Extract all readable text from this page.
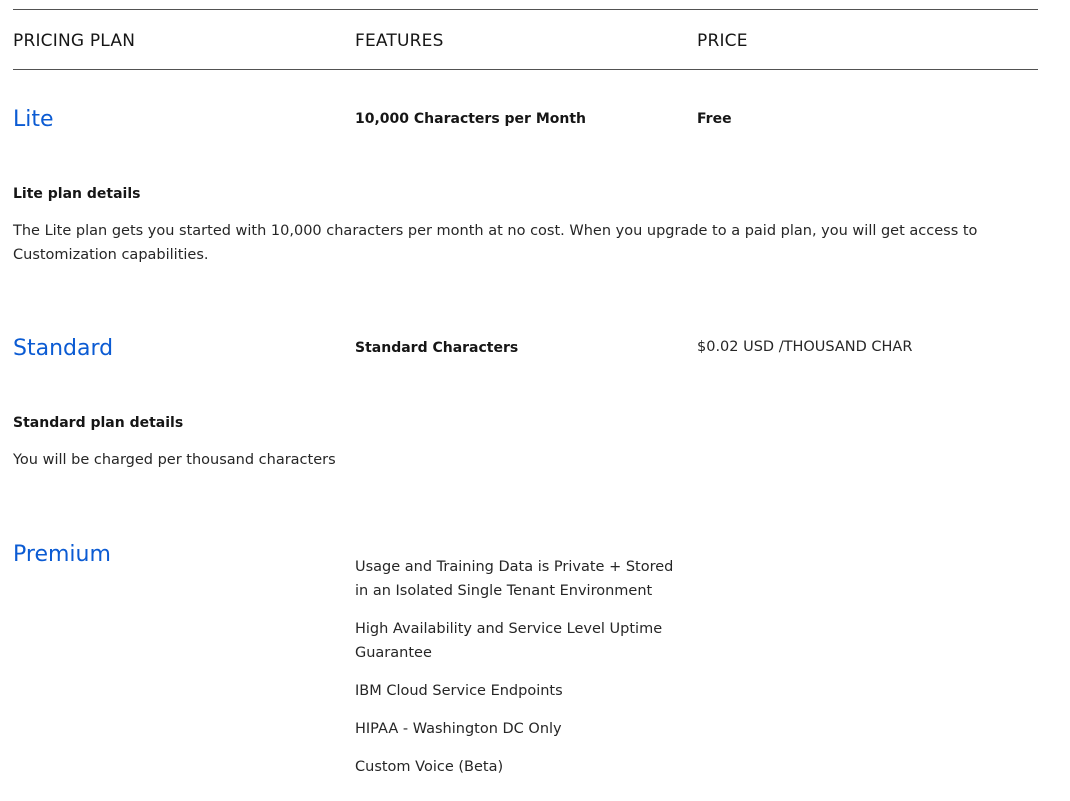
PRICING PLAN	FEATURES	PRICE
Lite	10,000 Characters per Month	Free
Lite plan details
The Lite plan gets you started with 10,000 characters per month at no cost. When you upgrade to a paid plan, you will get access to Customization capabilities.
Standard	Standard Characters	$0.02 USD /THOUSAND CHAR
Standard plan details
You will be charged per thousand characters
Premium	Usage and Training Data is Private + Stored in an Isolated Single Tenant Environment
High Availability and Service Level Uptime Guarantee
IBM Cloud Service Endpoints
HIPAA - Washington DC Only
Custom Voice (Beta)
